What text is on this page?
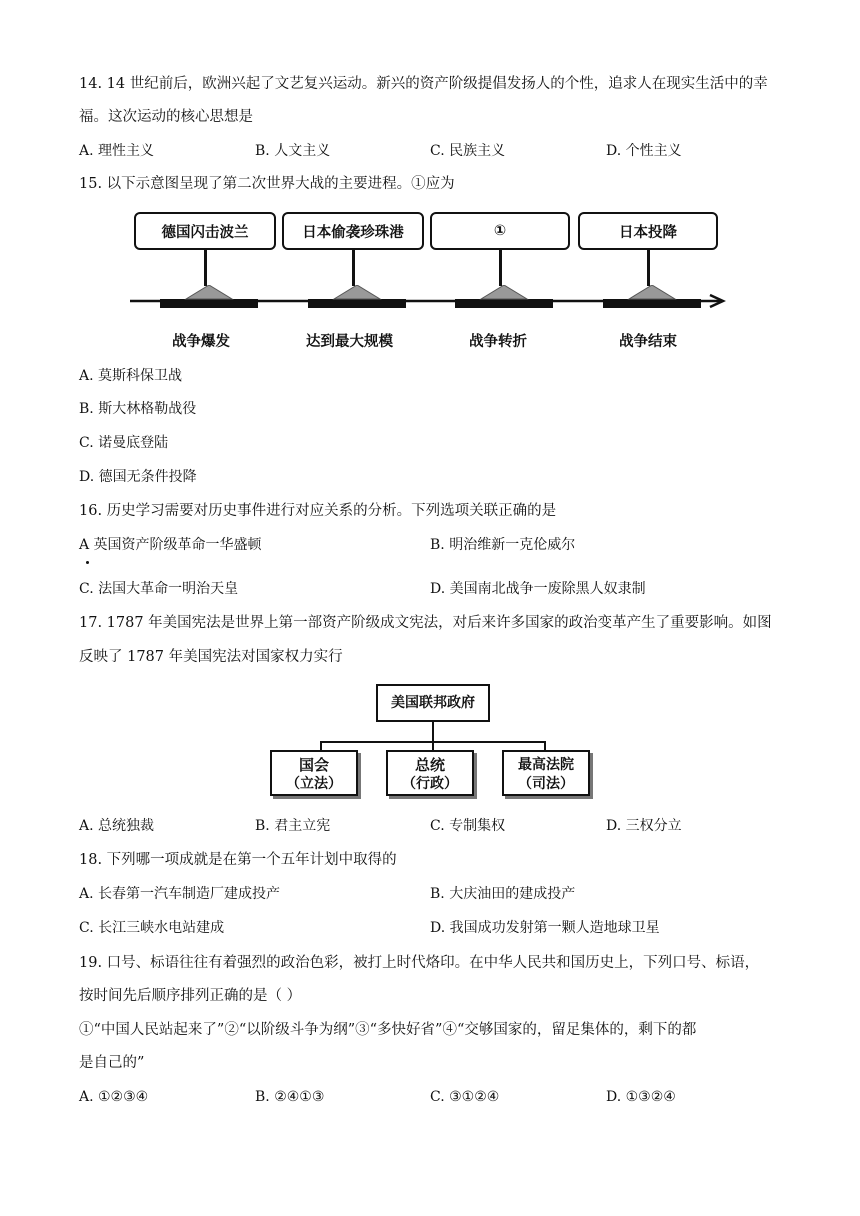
14. 14 世纪前后，欧洲兴起了文艺复兴运动。新兴的资产阶级提倡发扬人的个性，追求人在现实生活中的幸
福。这次运动的核心思想是
A. 理性主义	B. 人文主义	C. 民族主义	D. 个性主义
15. 以下示意图呈现了第二次世界大战的主要进程。①应为
德国闪击波兰	日本偷袭珍珠港	①	日本投降
战争爆发	达到最大规模	战争转折	战争结束
A. 莫斯科保卫战
B. 斯大林格勒战役
C. 诺曼底登陆
D. 德国无条件投降
16. 历史学习需要对历史事件进行对应关系的分析。下列选项关联正确的是
A 英国资产阶级革命一华盛顿	B. 明治维新一克伦威尔
C. 法国大革命一明治天皇	D. 美国南北战争一废除黑人奴隶制
17. 1787 年美国宪法是世界上第一部资产阶级成文宪法，对后来许多国家的政治变革产生了重要影响。如图
反映了 1787 年美国宪法对国家权力实行
美国联邦政府
国会
（立法）
总统
（行政）
最高法院
（司法）
A. 总统独裁	B. 君主立宪	C. 专制集权	D. 三权分立
18. 下列哪一项成就是在第一个五年计划中取得的
A. 长春第一汽车制造厂建成投产	B. 大庆油田的建成投产
C. 长江三峡水电站建成	D. 我国成功发射第一颗人造地球卫星
19. 口号、标语往往有着强烈的政治色彩，被打上时代烙印。在中华人民共和国历史上，下列口号、标语，
按时间先后顺序排列正确的是（ ）
①“中国人民站起来了”②“以阶级斗争为纲”③“多快好省”④“交够国家的，留足集体的，剩下的都
是自己的”
A. ①②③④	B. ②④①③	C. ③①②④	D. ①③②④
